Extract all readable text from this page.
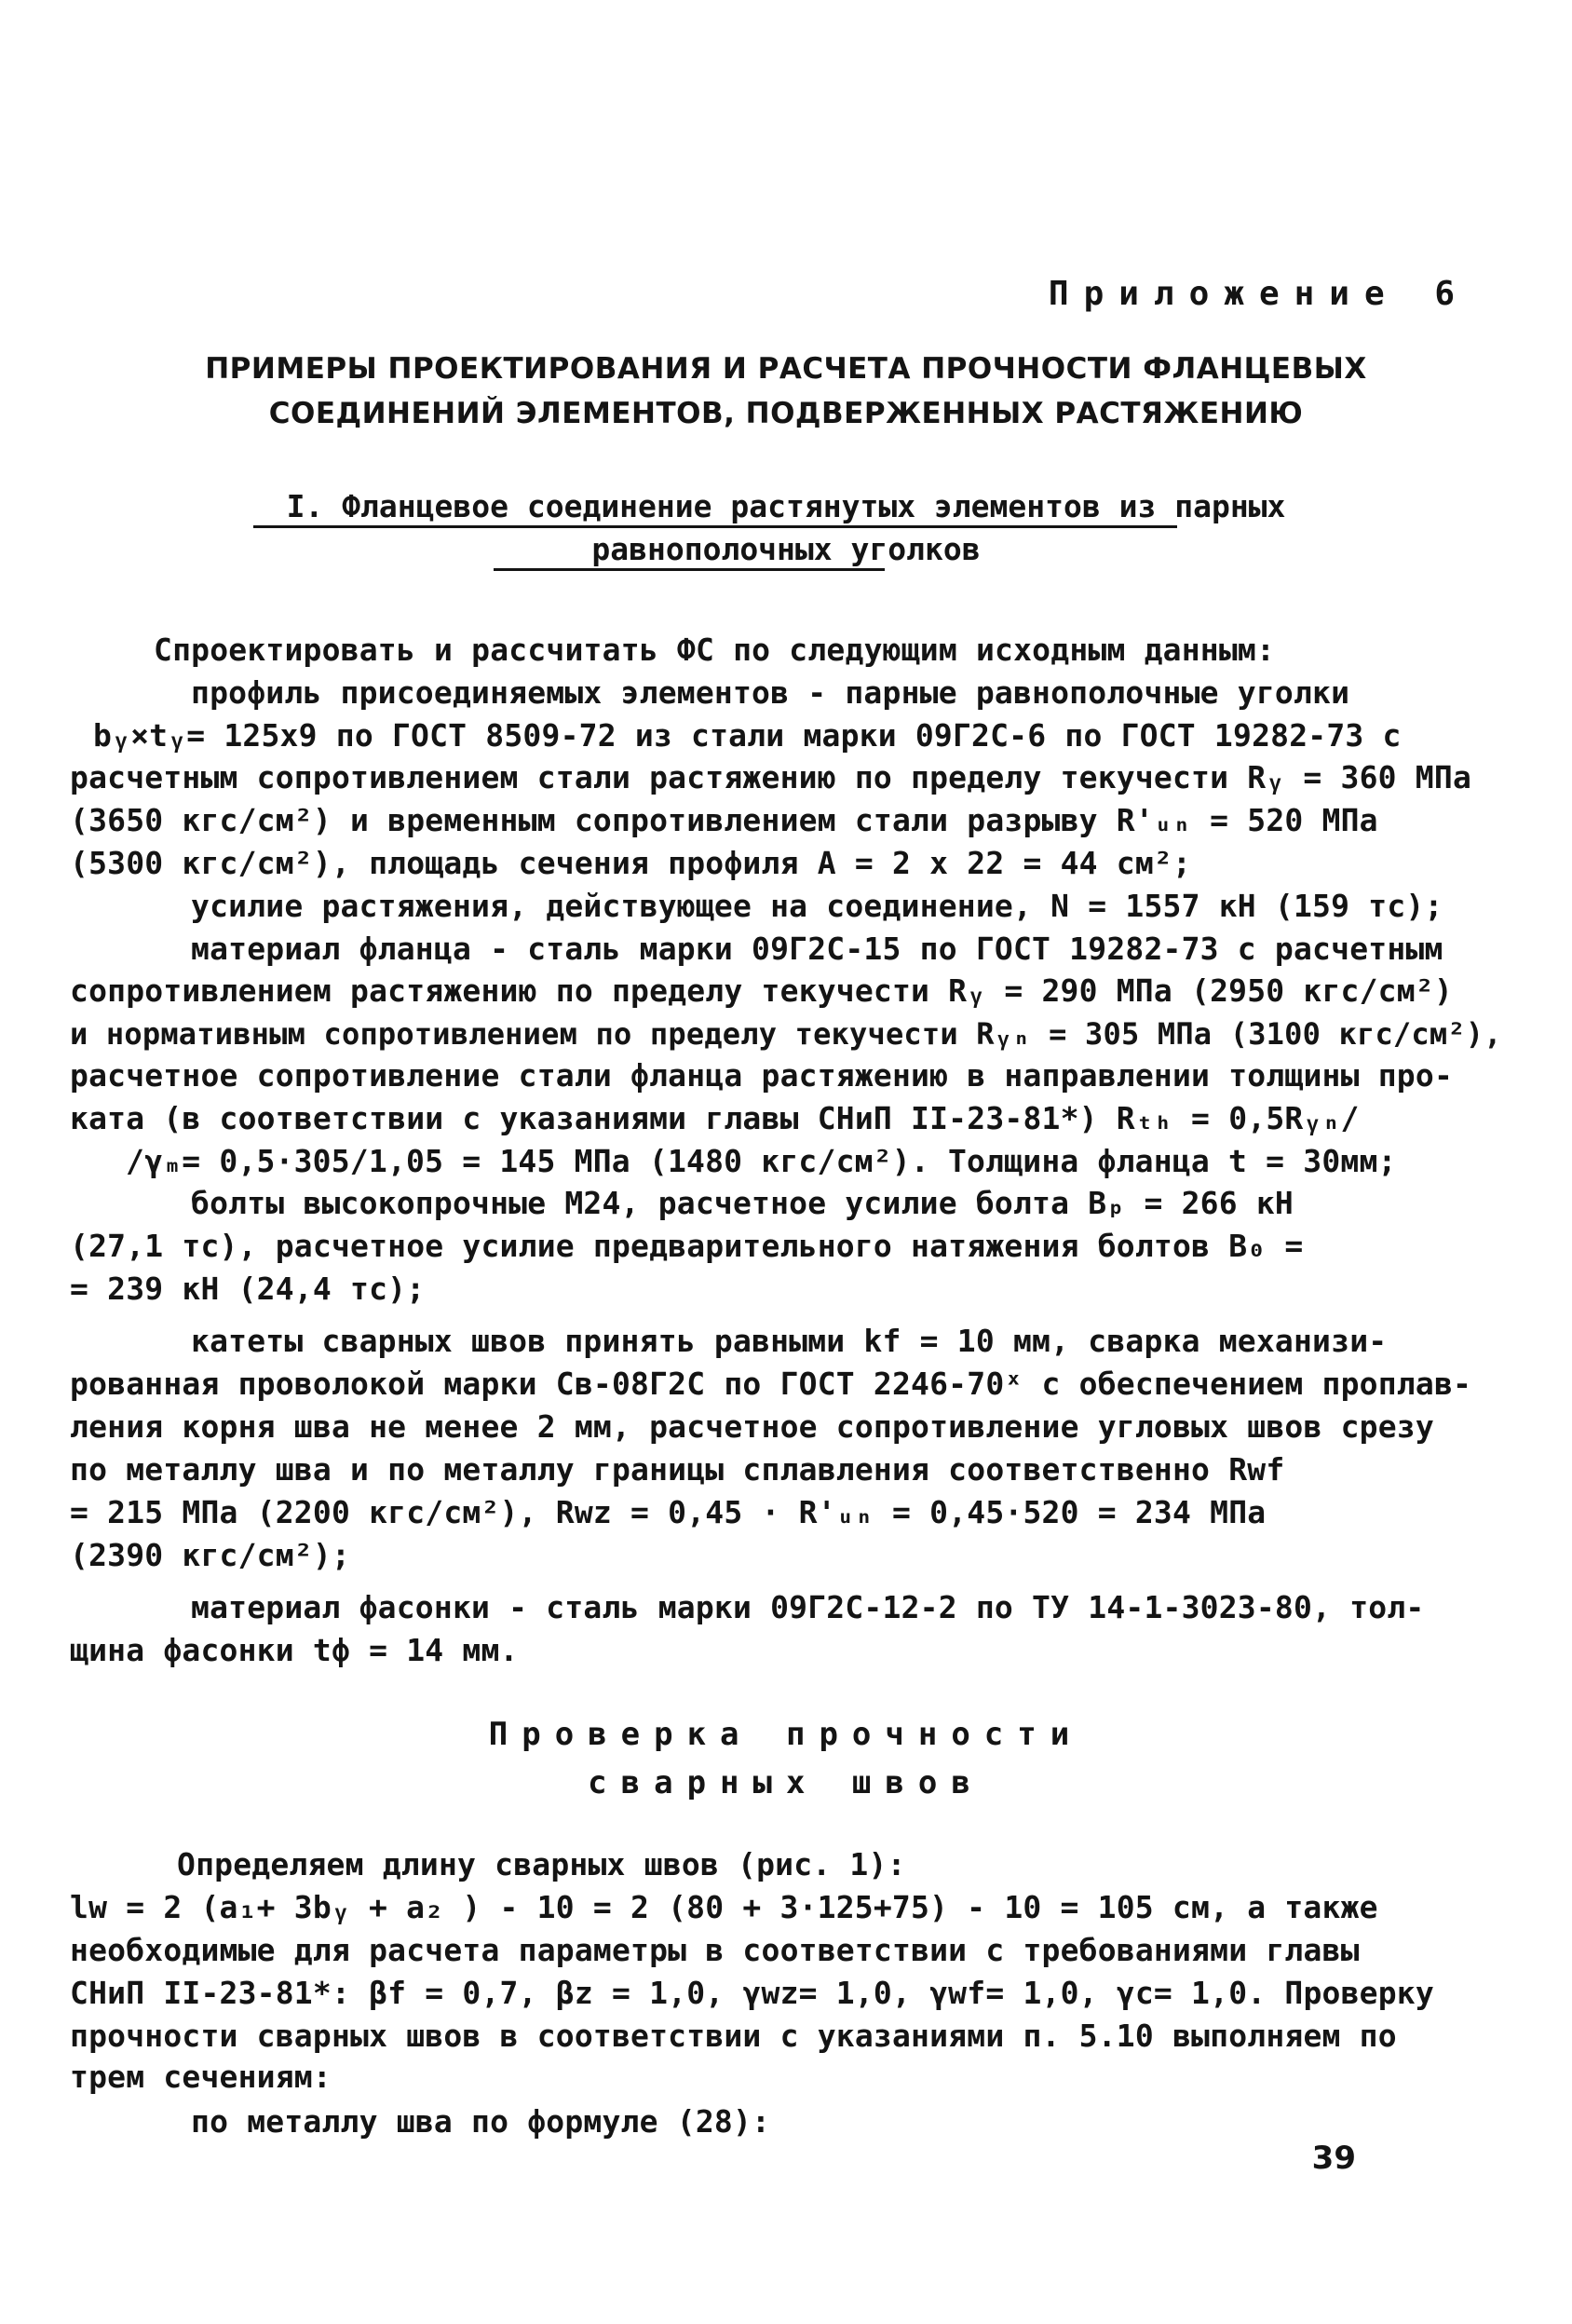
Приложение 6
ПРИМЕРЫ ПРОЕКТИРОВАНИЯ И РАСЧЕТА ПРОЧНОСТИ ФЛАНЦЕВЫХ
СОЕДИНЕНИЙ ЭЛЕМЕНТОВ, ПОДВЕРЖЕННЫХ РАСТЯЖЕНИЮ
I. Фланцевое соединение растянутых элементов из парных
равнополочных уголков
Спроектировать и рассчитать ФС по следующим исходным данным:
профиль присоединяемых элементов - парные равнополочные уголки
bᵧ×tᵧ= 125х9 по ГОСТ 8509-72 из стали марки 09Г2С-6 по ГОСТ 19282-73 с
расчетным сопротивлением стали растяжению по пределу текучести Rᵧ = 360 МПа
(3650 кгс/см²) и временным сопротивлением стали разрыву R'ᵤₙ = 520 МПа
(5300 кгс/см²), площадь сечения профиля A = 2 x 22 = 44 см²;
усилие растяжения, действующее на соединение, N = 1557 кН (159 тс);
материал фланца - сталь марки 09Г2С-15 по ГОСТ 19282-73 с расчетным
сопротивлением растяжению по пределу текучести Rᵧ = 290 МПа (2950 кгс/см²)
и нормативным сопротивлением по пределу текучести Rᵧₙ = 305 МПа (3100 кгс/см²),
расчетное сопротивление стали фланца растяжению в направлении толщины про-
ката (в соответствии с указаниями главы СНиП II-23-81*) Rₜₕ = 0,5Rᵧₙ/
/γₘ= 0,5·305/1,05 = 145 МПа (1480 кгс/см²). Толщина фланца t = 30мм;
болты высокопрочные М24, расчетное усилие болта Bₚ = 266 кН
(27,1 тс), расчетное усилие предварительного натяжения болтов B₀ =
= 239 кН (24,4 тс);
катеты сварных швов принять равными kf = 10 мм, сварка механизи-
рованная проволокой марки Св-08Г2С по ГОСТ 2246-70ˣ с обеспечением проплав-
ления корня шва не менее 2 мм, расчетное сопротивление угловых швов срезу
по металлу шва и по металлу границы сплавления соответственно Rwf
= 215 МПа (2200 кгс/см²), Rwz = 0,45 · R'ᵤₙ = 0,45·520 = 234 МПа
(2390 кгс/см²);
материал фасонки - сталь марки 09Г2С-12-2 по ТУ 14-1-3023-80, тол-
щина фасонки tф = 14 мм.
Проверка прочности
сварных швов
Определяем длину сварных швов (рис. 1):
lw = 2 (a₁+ 3bᵧ + a₂ ) - 10 = 2 (80 + 3·125+75) - 10 = 105 см, а также
необходимые для расчета параметры в соответствии с требованиями главы
СНиП II-23-81*: βf = 0,7, βz = 1,0, γwz= 1,0, γwf= 1,0, γc= 1,0. Проверку
прочности сварных швов в соответствии с указаниями п. 5.10 выполняем по
трем сечениям:
по металлу шва по формуле (28):
39
